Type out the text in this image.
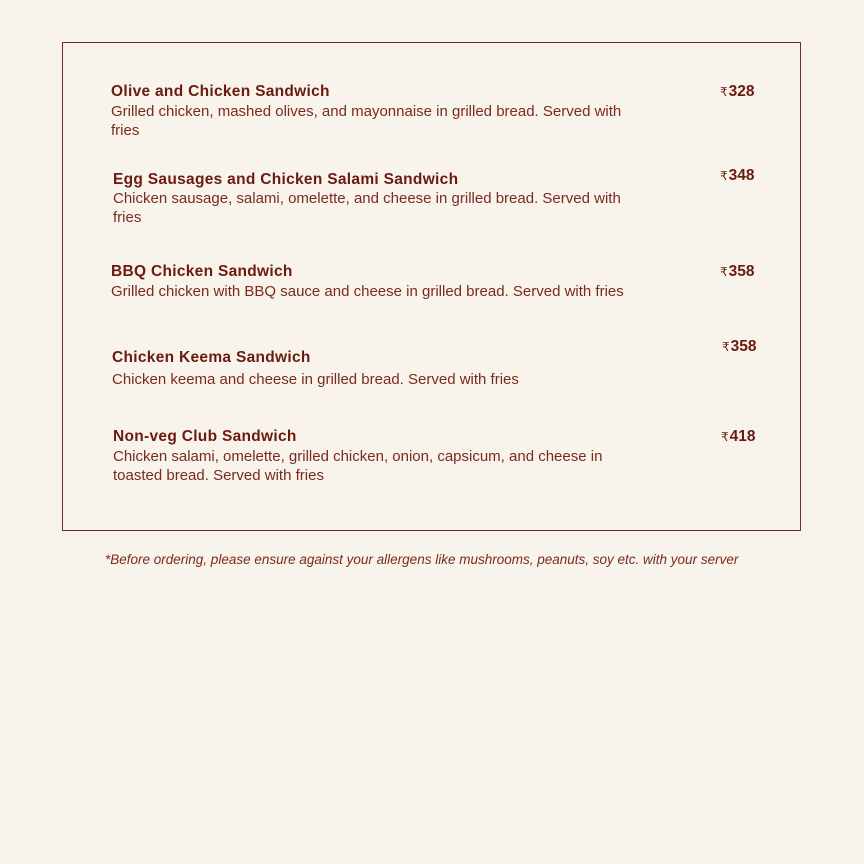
Olive and Chicken Sandwich
Grilled chicken, mashed olives, and mayonnaise in grilled bread. Served with fries
₹328
Egg Sausages and Chicken Salami Sandwich
Chicken sausage, salami, omelette, and cheese in grilled bread. Served with fries
₹348
BBQ Chicken Sandwich
Grilled chicken with BBQ sauce and cheese in grilled bread. Served with fries
₹358
Chicken Keema Sandwich
Chicken keema and cheese in grilled bread. Served with fries
₹358
Non-veg Club Sandwich
Chicken salami, omelette, grilled chicken, onion, capsicum, and cheese in toasted bread. Served with fries
₹418
*Before ordering, please ensure against your allergens like mushrooms, peanuts, soy etc. with your server
